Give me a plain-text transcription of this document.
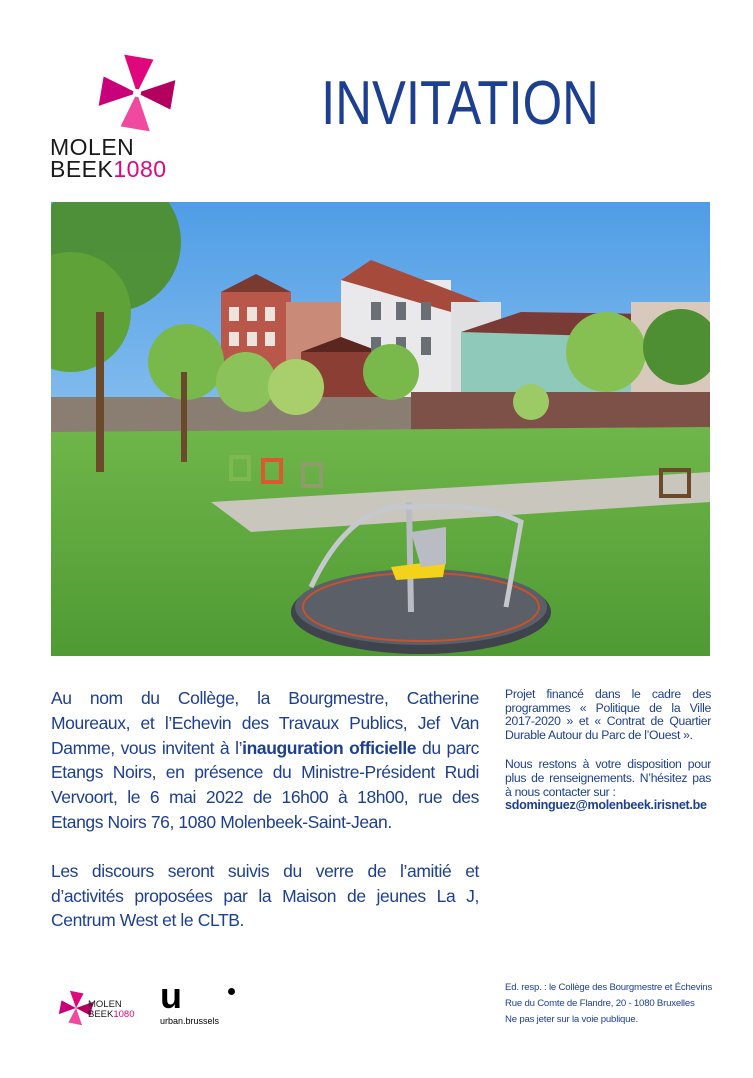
MOLEN
BEEK1080
INVITATION

Au nom du Collège, la Bourgmestre, Catherine Moureaux, et l’Echevin des Travaux Publics, Jef Van Damme, vous invitent à l’inauguration officielle du parc Etangs Noirs, en présence du Ministre-Président Rudi Vervoort, le 6 mai 2022 de 16h00 à 18h00, rue des Etangs Noirs 76, 1080 Molenbeek-Saint-Jean.

Les discours seront suivis du verre de l’amitié et d’activités proposées par la Maison de jeunes La J, Centrum West et le CLTB.

Projet financé dans le cadre des programmes « Politique de la Ville 2017-2020 » et « Contrat de Quartier Durable Autour du Parc de l’Ouest ».

Nous restons à votre disposition pour plus de renseignements. N’hésitez pas à nous contacter sur :

sdominguez@molenbeek.irisnet.be
MOLEN
BEEK1080 u
urban.brussels
Ed. resp. : le Collège des Bourgmestre et Échevins
Rue du Comte de Flandre, 20 - 1080 Bruxelles
Ne pas jeter sur la voie publique.
